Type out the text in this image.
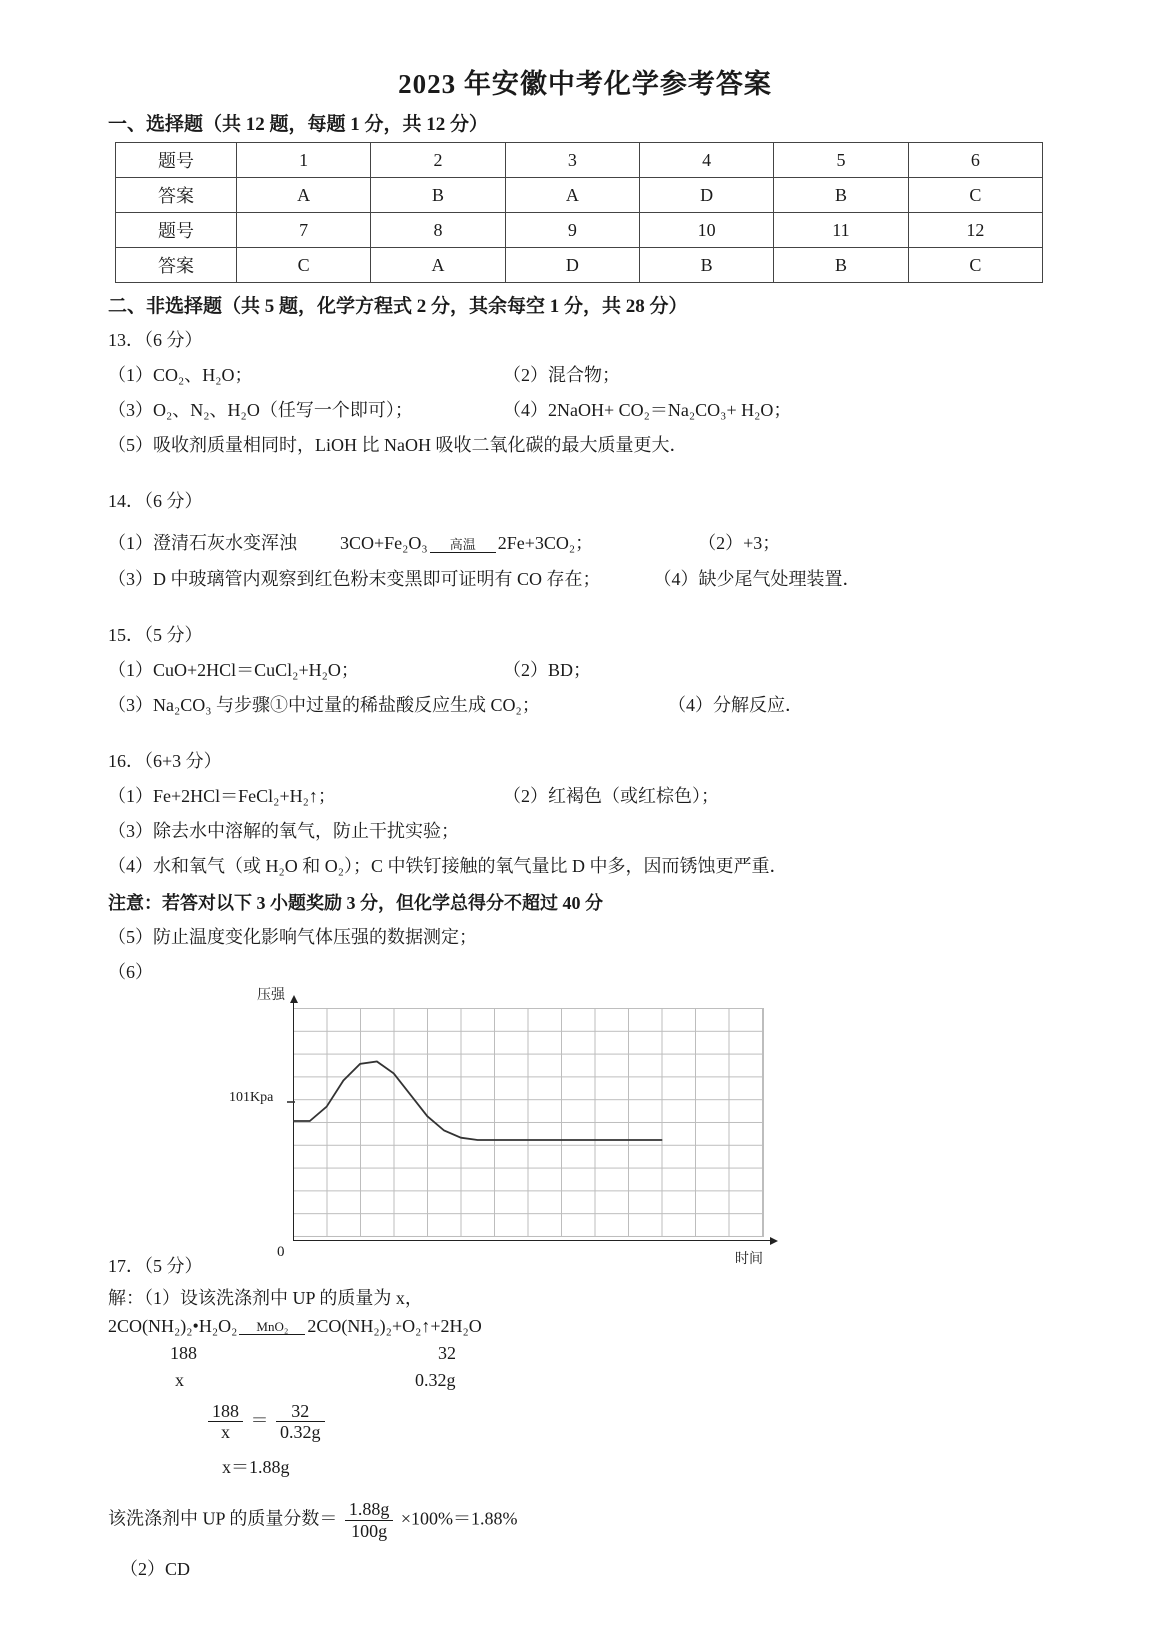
2023 年安徽中考化学参考答案
一、选择题（共 12 题，每题 1 分，共 12 分）
题号	1	2	3	4	5	6
答案	A	B	A	D	B	C
题号	7	8	9	10	11	12
答案	C	A	D	B	B	C
二、非选择题（共 5 题，化学方程式 2 分，其余每空 1 分，共 28 分）
13．（6 分）
（1）CO₂、H₂O；	（2）混合物；
（3）O₂、N₂、H₂O（任写一个即可）；	（4）2NaOH+ CO₂＝Na₂CO₃+ H₂O；
（5）吸收剂质量相同时，LiOH 比 NaOH 吸收二氧化碳的最大质量更大．
14．（6 分）
（1）澄清石灰水变浑浊 3CO+Fe₂O₃	高温	2Fe+3CO₂；	（2）+3；
（3）D 中玻璃管内观察到红色粉末变黑即可证明有 CO 存在；	（4）缺少尾气处理装置．
15．（5 分）
（1）CuO+2HCl＝CuCl₂+H₂O；	（2）BD；
（3）Na₂CO₃ 与步骤①中过量的稀盐酸反应生成 CO₂；	（4）分解反应．
16．（6+3 分）
（1）Fe+2HCl＝FeCl₂+H₂↑；	（2）红褐色（或红棕色）；
（3）除去水中溶解的氧气，防止干扰实验；
（4）水和氧气（或 H₂O 和 O₂）；C 中铁钉接触的氧气量比 D 中多，因而锈蚀更严重．
注意：若答对以下 3 小题奖励 3 分，但化学总得分不超过 40 分
（5）防止温度变化影响气体压强的数据测定；
（6）
压强
时间
101Kpa
0
17．（5 分）
解：（1）设该洗涤剂中 UP 的质量为 x，
2CO(NH₂)₂•H₂O₂	MnO₂	2CO(NH₂)₂+O₂↑+2H₂O
188	32
x	0.32g
$\frac{188}{x} = \frac{32}{0.32g}$
x＝1.88g
该洗涤剂中 UP 的质量分数＝ $\frac{1.88g}{100g} \times 100\%=1.88\%$
（2）CD
